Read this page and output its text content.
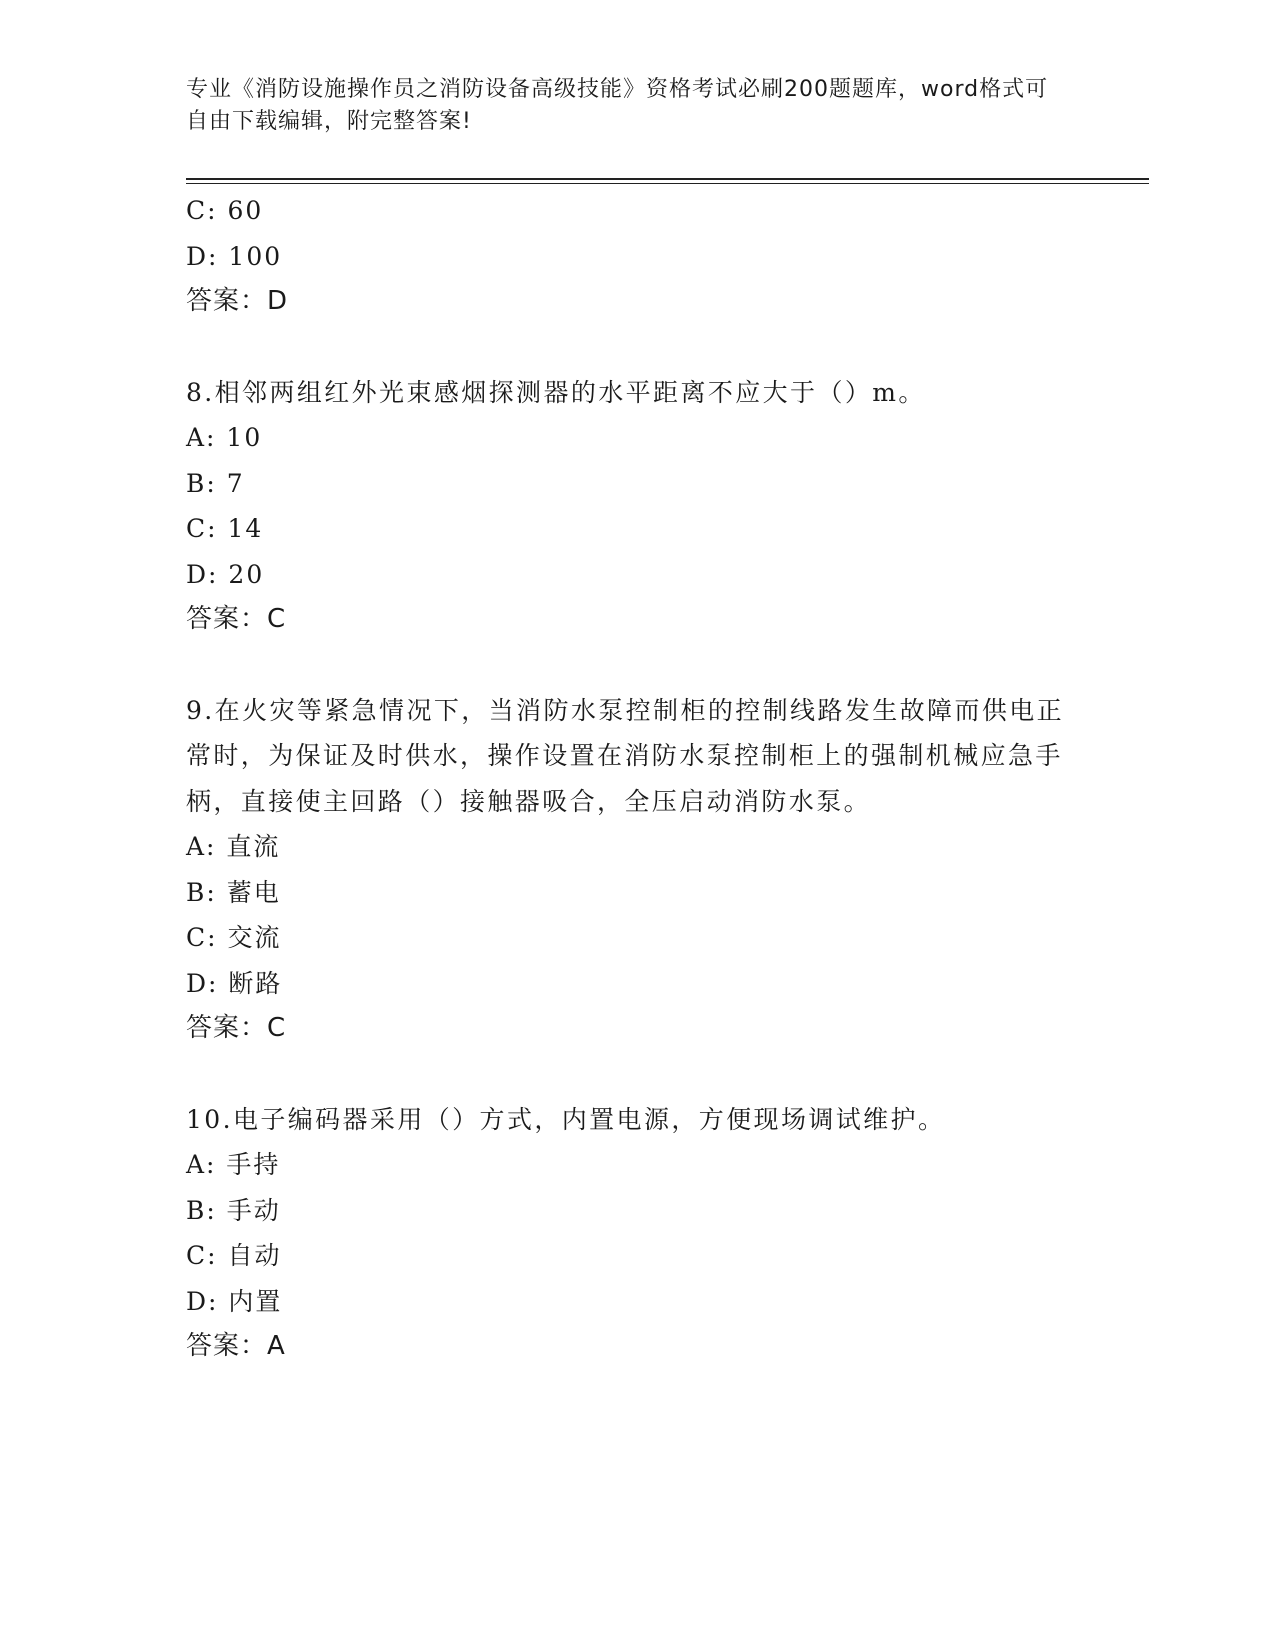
专业《消防设施操作员之消防设备高级技能》资格考试必刷200题题库，word格式可自由下载编辑，附完整答案!
C: 60
D: 100
答案：D
8.相邻两组红外光束感烟探测器的水平距离不应大于（）m。
A: 10
B: 7
C: 14
D: 20
答案：C
9.在火灾等紧急情况下，当消防水泵控制柜的控制线路发生故障而供电正常时，为保证及时供水，操作设置在消防水泵控制柜上的强制机械应急手柄，直接使主回路（）接触器吸合，全压启动消防水泵。
A: 直流
B: 蓄电
C: 交流
D: 断路
答案：C
10.电子编码器采用（）方式，内置电源，方便现场调试维护。
A: 手持
B: 手动
C: 自动
D: 内置
答案：A
